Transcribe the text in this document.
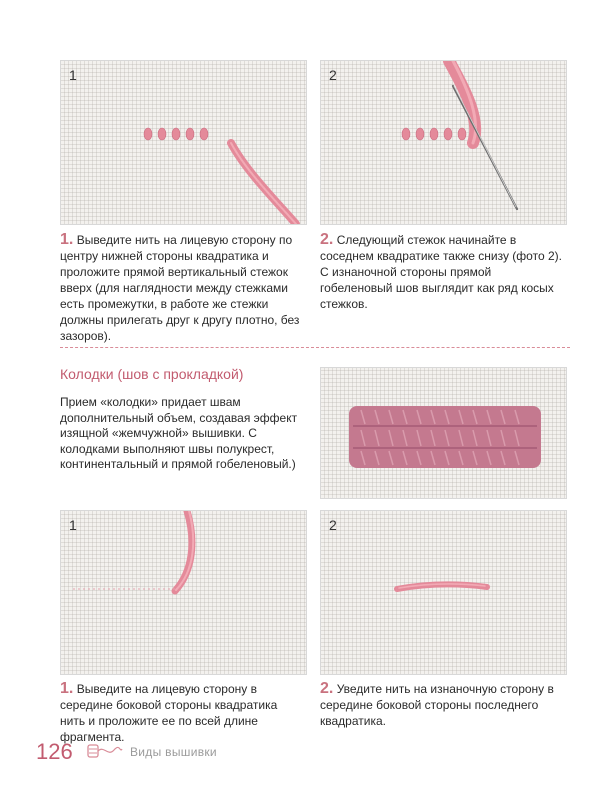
1	2
1. Выведите нить на лицевую сторону по центру нижней стороны квадратика и проложите прямой вертикальный стежок вверх (для наглядности между стежками есть промежутки, в работе же стежки должны прилегать друг к другу плотно, без зазоров).
2. Следующий стежок начинайте в соседнем квадратике также снизу (фото 2). С изнаночной стороны прямой гобеленовый шов выглядит как ряд косых стежков.
Колодки (шов с прокладкой)
Прием «колодки» придает швам дополнительный объем, создавая эффект изящной «жемчужной» вышивки. С колодками выполняют швы полукрест, континентальный и прямой гобеленовый.)
1	2
1. Выведите на лицевую сторону в середине боковой стороны квадратика нить и проложите ее по всей длине фрагмента.
2. Уведите нить на изнаночную сторону в середине боковой стороны последнего квадратика.
126	Виды вышивки
